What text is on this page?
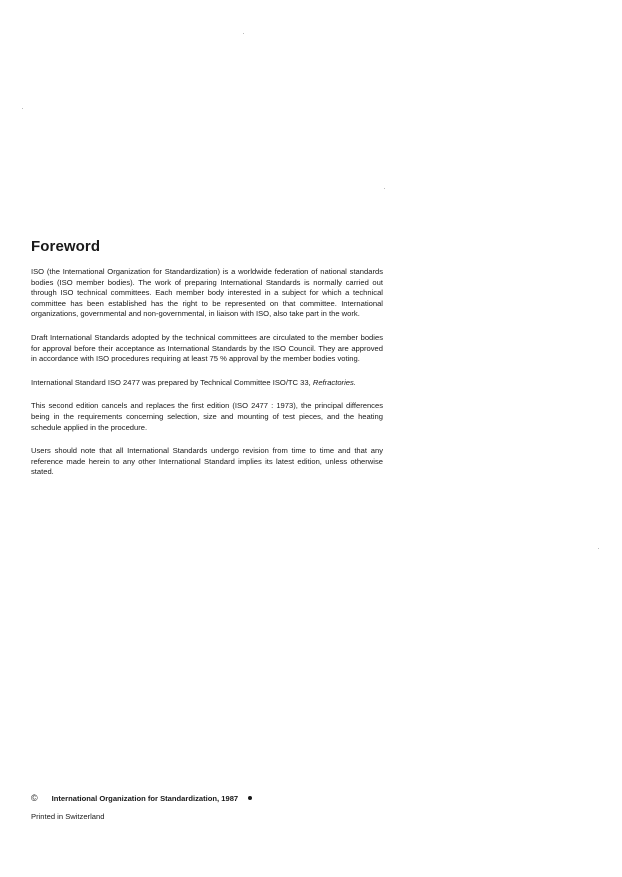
Foreword

ISO (the International Organization for Standardization) is a worldwide federation of national standards bodies (ISO member bodies). The work of preparing International Standards is normally carried out through ISO technical committees. Each member body interested in a subject for which a technical committee has been established has the right to be represented on that committee. International organizations, governmental and non-governmental, in liaison with ISO, also take part in the work.

Draft International Standards adopted by the technical committees are circulated to the member bodies for approval before their acceptance as International Standards by the ISO Council. They are approved in accordance with ISO procedures requiring at least 75 % approval by the member bodies voting.

International Standard ISO 2477 was prepared by Technical Committee ISO/TC 33, Refractories.

This second edition cancels and replaces the first edition (ISO 2477 : 1973), the principal differences being in the requirements concerning selection, size and mounting of test pieces, and the heating schedule applied in the procedure.

Users should note that all International Standards undergo revision from time to time and that any reference made herein to any other International Standard implies its latest edition, unless otherwise stated.

© International Organization for Standardization, 1987
Printed in Switzerland
